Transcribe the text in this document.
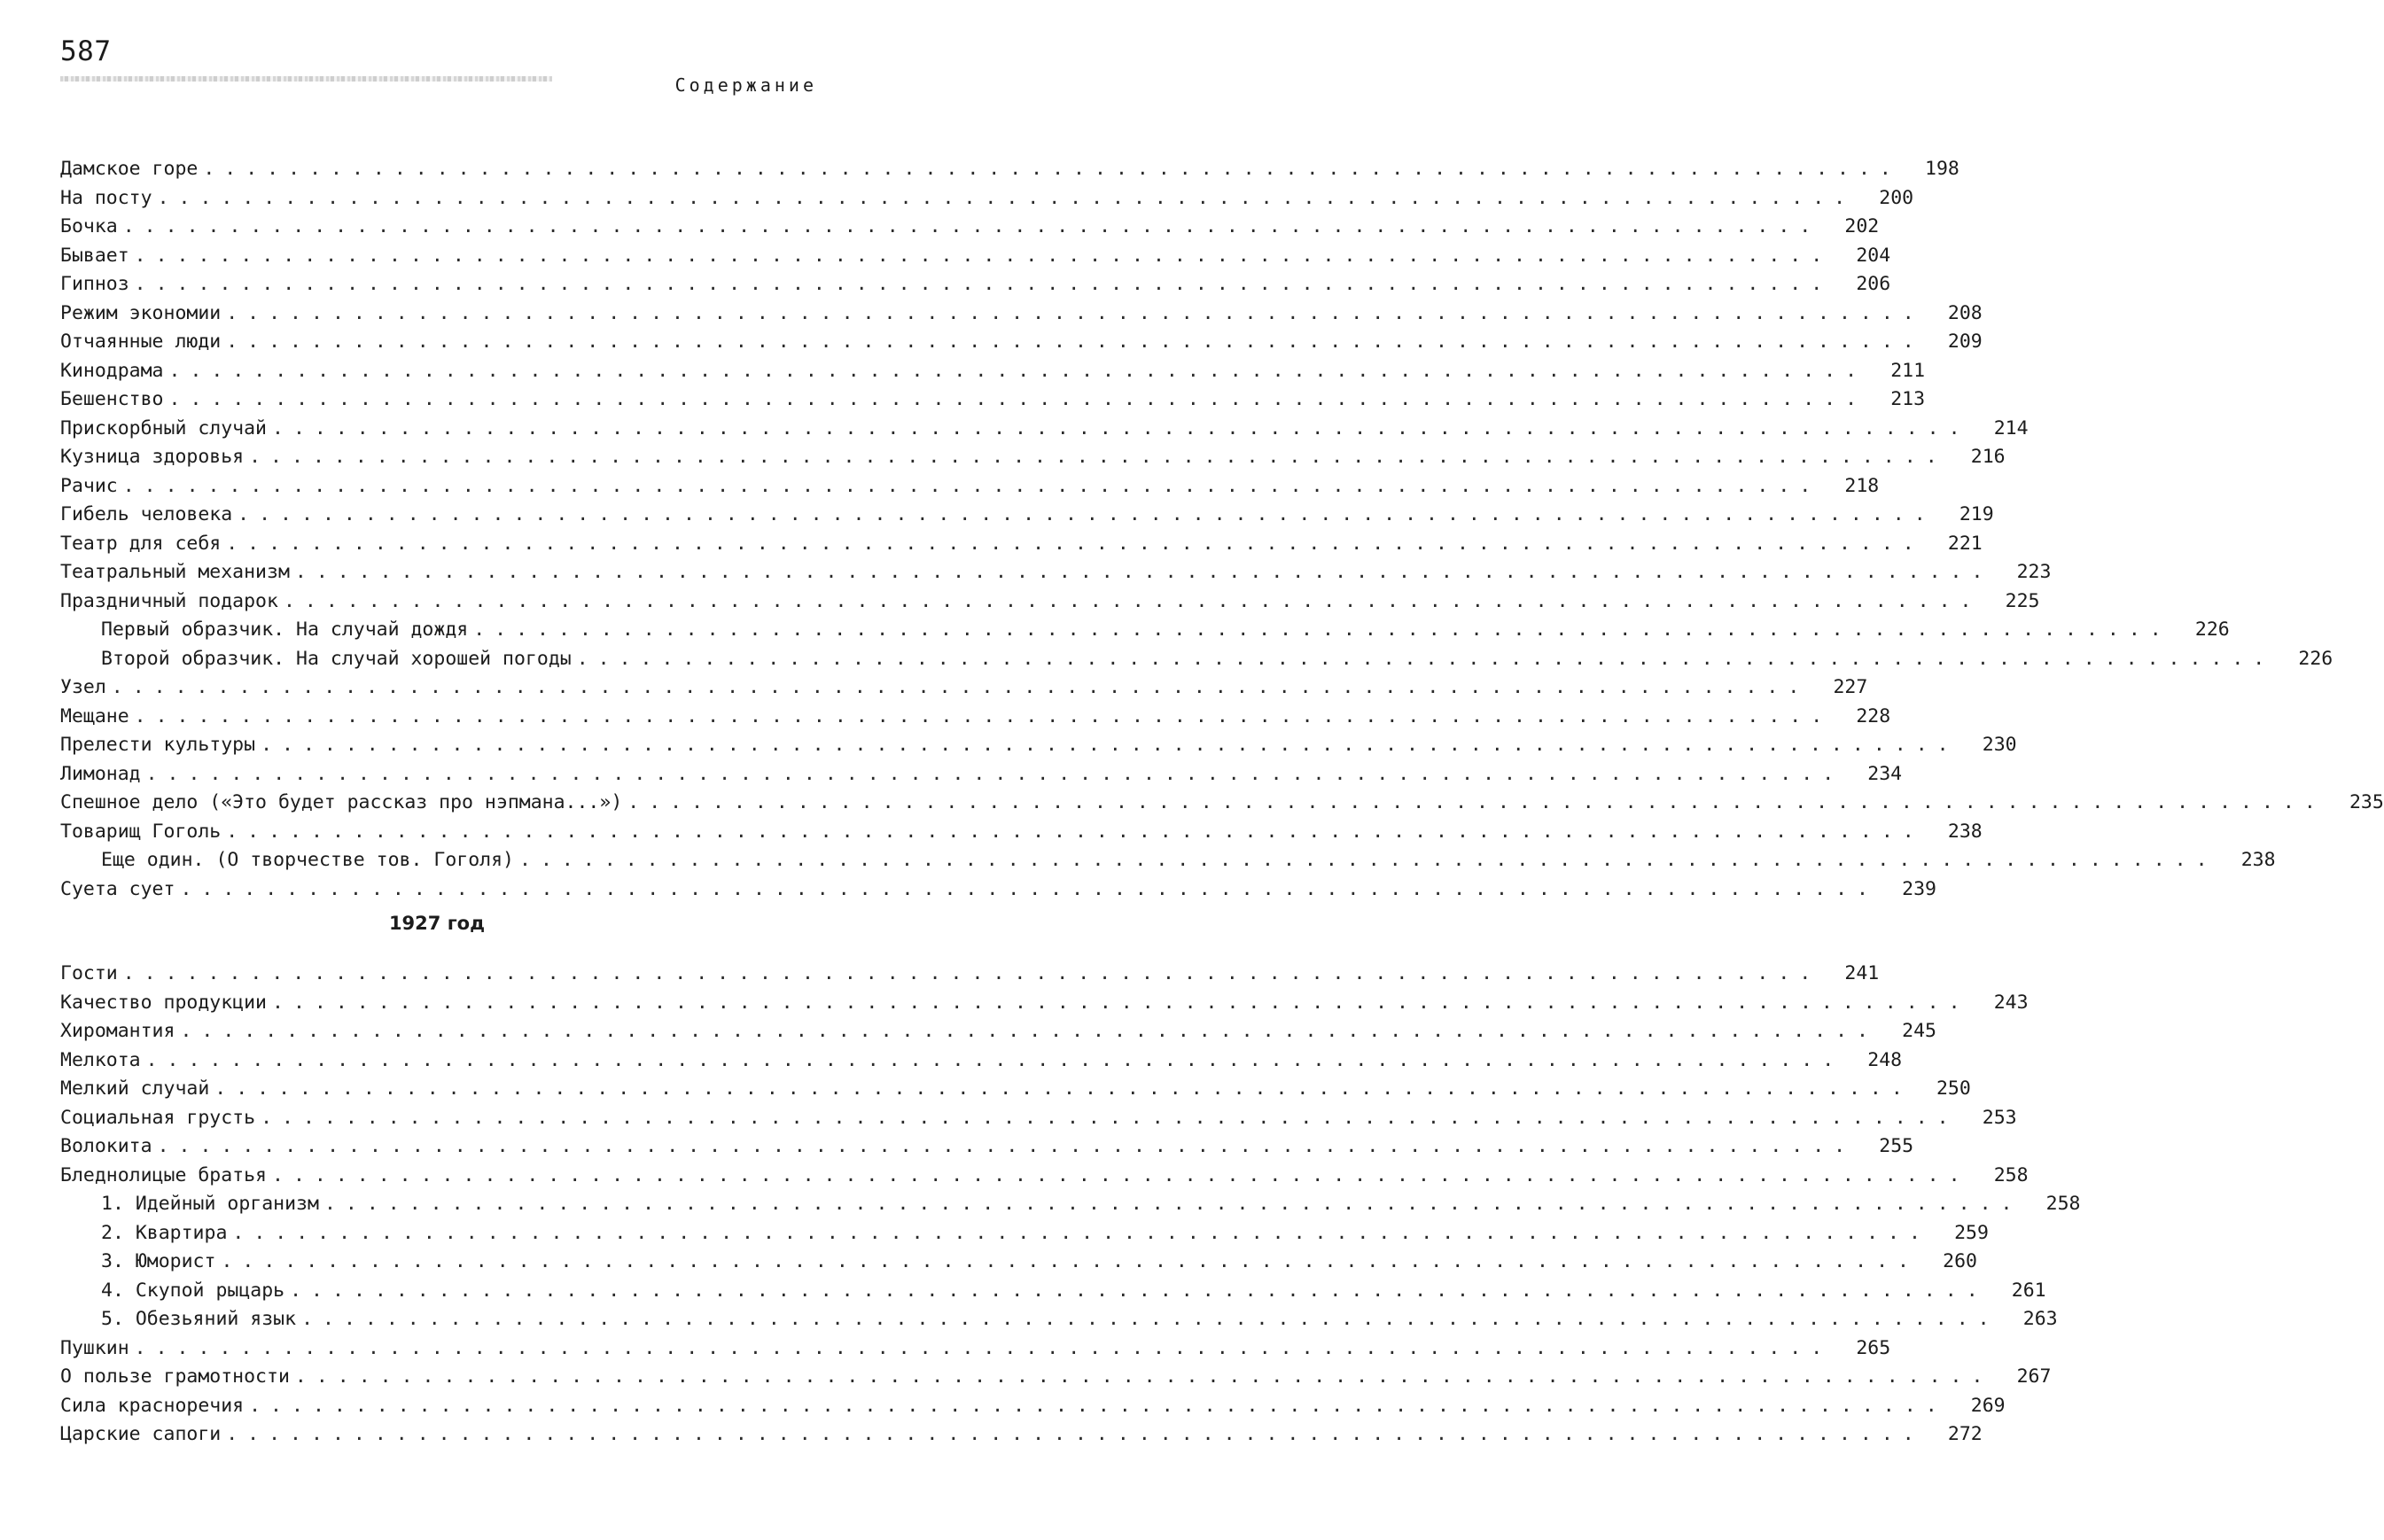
587
Содержание
Дамское горе ................................................................................	198
На посту ................................................................................	200
Бочка ................................................................................	202
Бывает ................................................................................	204
Гипноз ................................................................................	206
Режим экономии ................................................................................	208
Отчаянные люди ................................................................................	209
Кинодрама ................................................................................	211
Бешенство ................................................................................	213
Прискорбный случай ................................................................................	214
Кузница здоровья ................................................................................	216
Рачис ................................................................................	218
Гибель человека ................................................................................	219
Театр для себя ................................................................................	221
Театральный механизм ................................................................................	223
Праздничный подарок ................................................................................	225
Первый образчик. На случай дождя ................................................................................	226
Второй образчик. На случай хорошей погоды ................................................................................	226
Узел ................................................................................	227
Мещане ................................................................................	228
Прелести культуры ................................................................................	230
Лимонад ................................................................................	234
Спешное дело («Это будет рассказ про нэпмана...») ................................................................................	235
Товарищ Гоголь ................................................................................	238
Еще один. (О творчестве тов. Гоголя) ................................................................................	238
Суета сует ................................................................................	239
1927 год
Гости ................................................................................	241
Качество продукции ................................................................................	243
Хиромантия ................................................................................	245
Мелкота ................................................................................	248
Мелкий случай ................................................................................	250
Социальная грусть ................................................................................	253
Волокита ................................................................................	255
Бледнолицые братья ................................................................................	258
1. Идейный организм ................................................................................	258
2. Квартира ................................................................................	259
3. Юморист ................................................................................	260
4. Скупой рыцарь ................................................................................	261
5. Обезьяний язык ................................................................................	263
Пушкин ................................................................................	265
О пользе грамотности ................................................................................	267
Сила красноречия ................................................................................	269
Царские сапоги ................................................................................	272
